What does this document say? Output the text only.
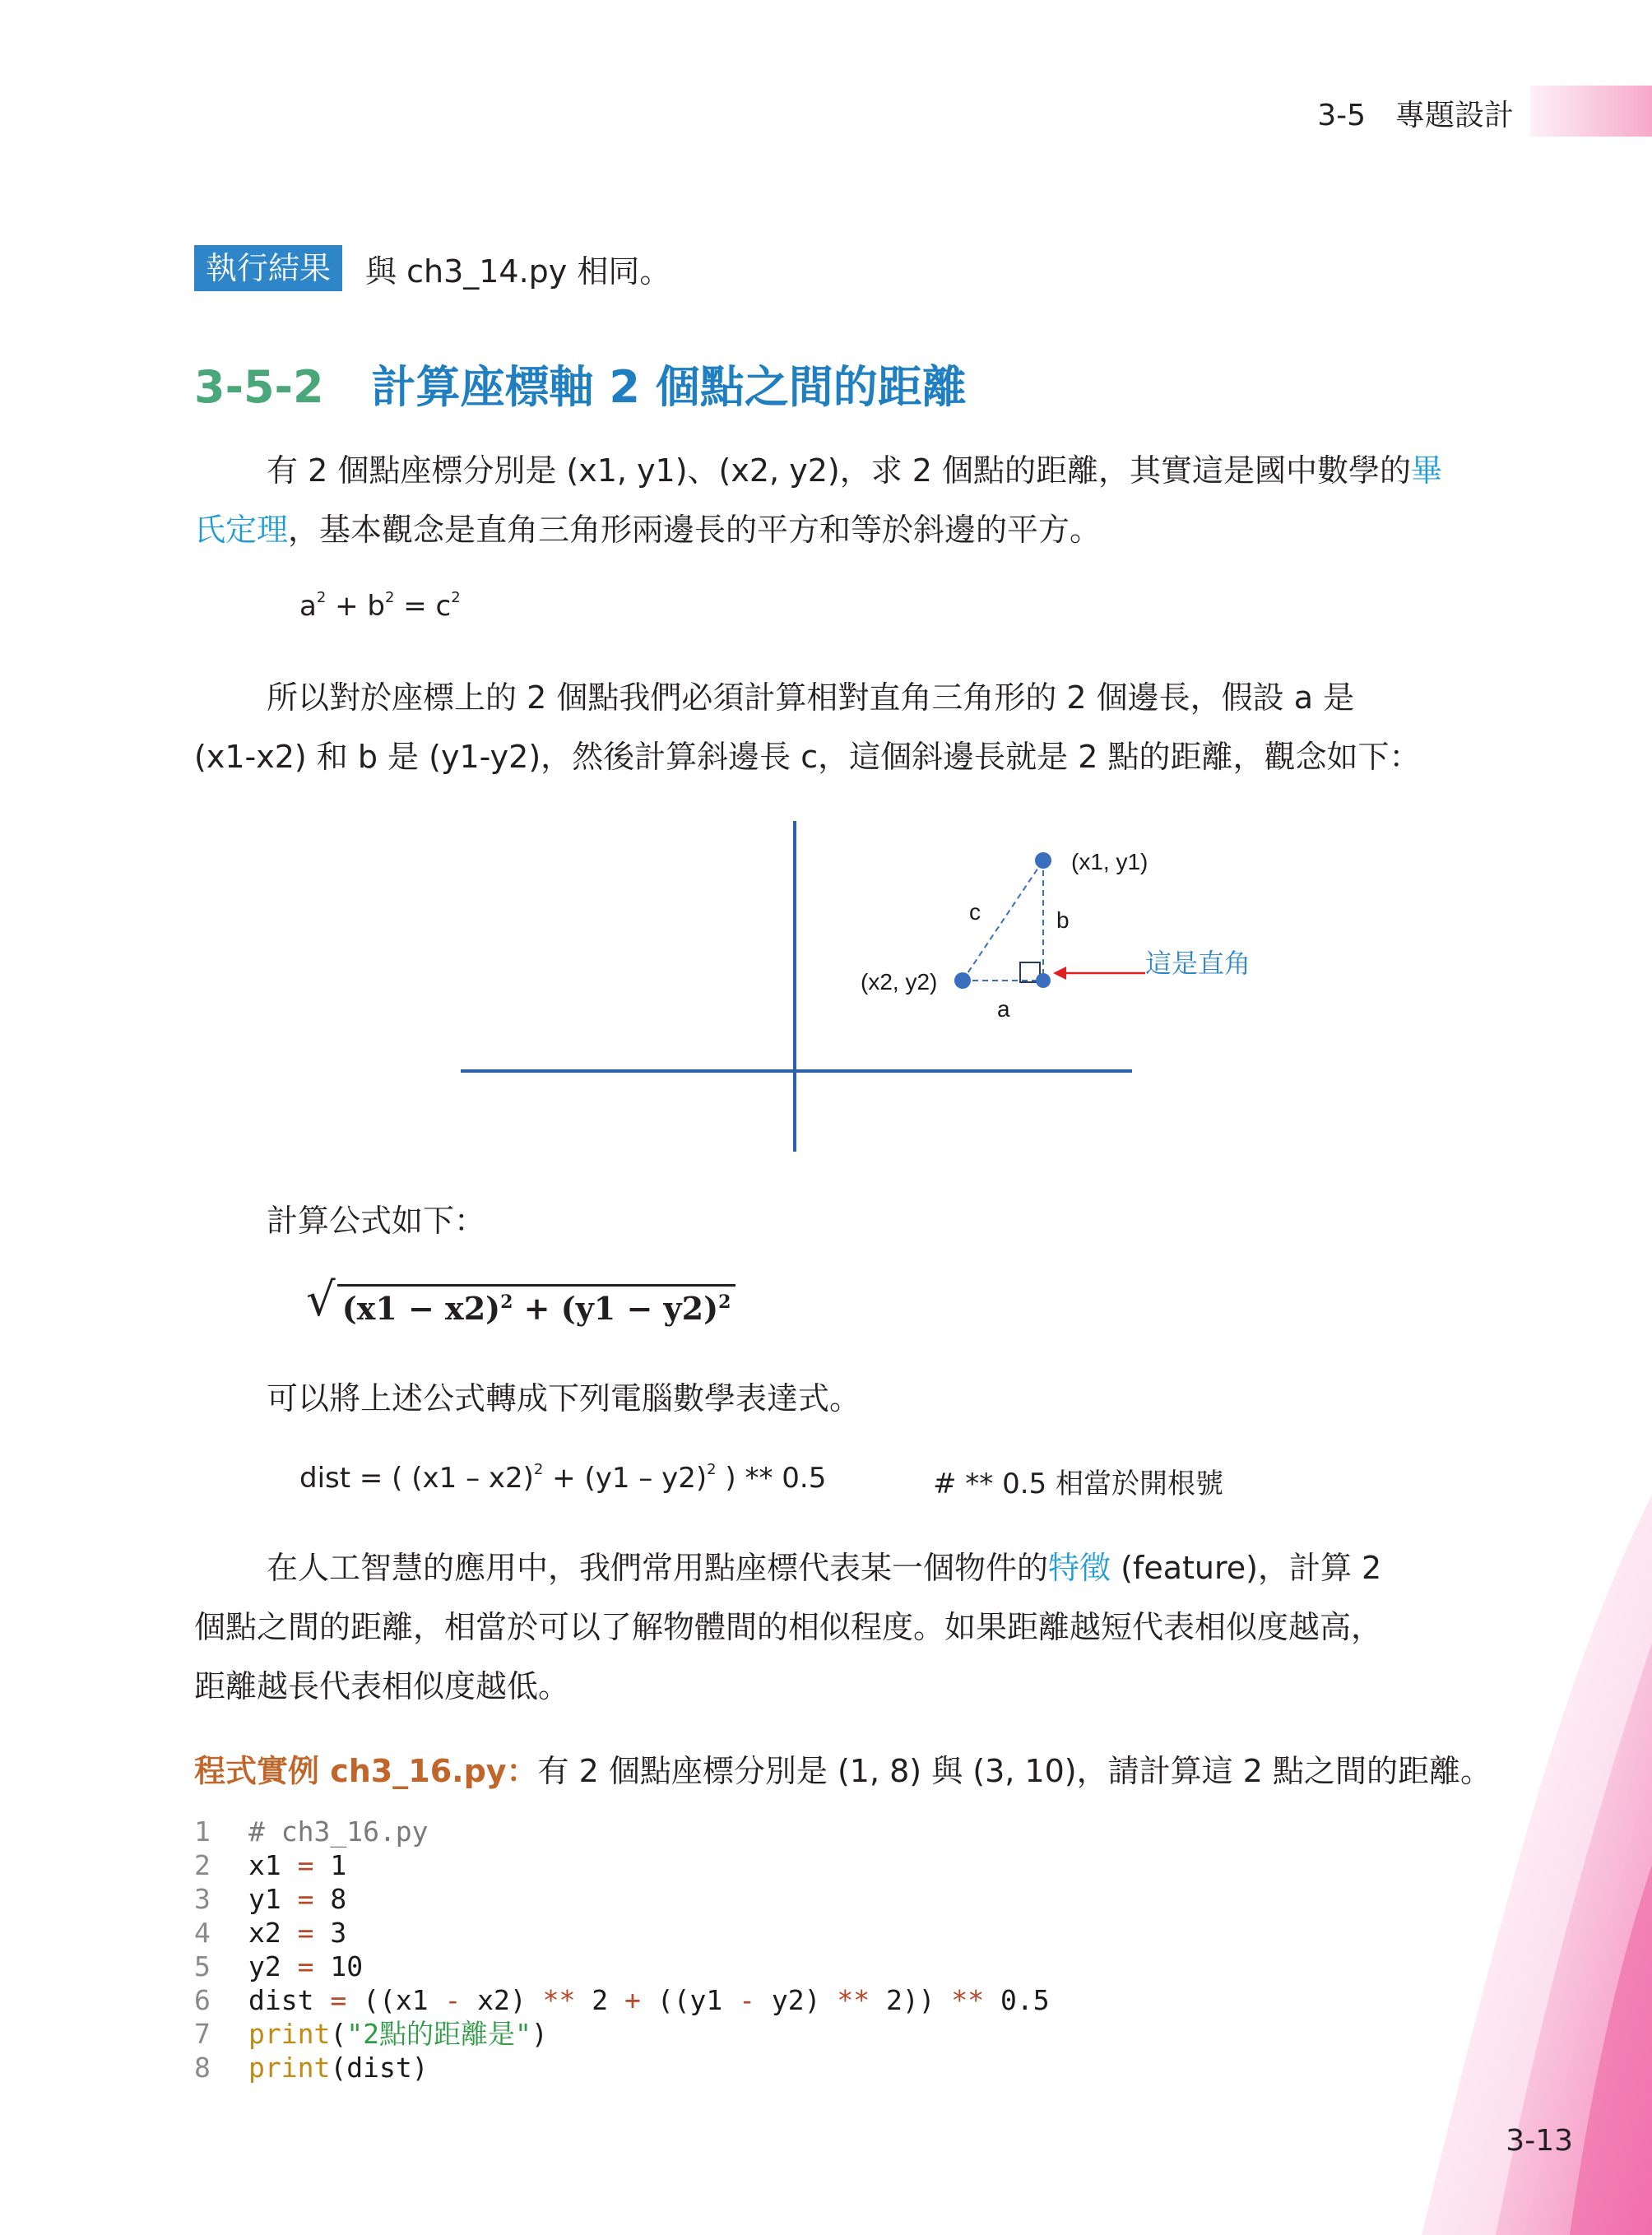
3-5　專題設計
執行結果	與 ch3_14.py 相同。
3-5-2 計算座標軸 2 個點之間的距離

有 2 個點座標分別是 (x1, y1)、(x2, y2)，求 2 個點的距離，其實這是國中數學的畢

氏定理，基本觀念是直角三角形兩邊長的平方和等於斜邊的平方。

$a^2 + b^2 = c^2$

所以對於座標上的 2 個點我們必須計算相對直角三角形的 2 個邊長，假設 a 是

(x1-x2) 和 b 是 (y1-y2)，然後計算斜邊長 c，這個斜邊長就是 2 點的距離，觀念如下：

(x1, y1)
(x2, y2)
c	b
a
這是直角

計算公式如下：

√ $(x1 - x2)^2 + (y1 - y2)^2$

可以將上述公式轉成下列電腦數學表達式。

dist = ( (x1 – x2)$^2$ + (y1 – y2)$^2$ ) ** 0.5	# ** 0.5 相當於開根號

在人工智慧的應用中，我們常用點座標代表某一個物件的特徵 (feature)，計算 2

個點之間的距離，相當於可以了解物體間的相似程度。如果距離越短代表相似度越高，

距離越長代表相似度越低。

程式實例 ch3_16.py：有 2 個點座標分別是 (1, 8) 與 (3, 10)，請計算這 2 點之間的距離。
1	# ch3_16.py
2	x1 = 1
3	y1 = 8
4	x2 = 3
5	y2 = 10
6	dist = ((x1 - x2) ** 2 + ((y1 - y2) ** 2)) ** 0.5
7	print ( "2點的距離是" )
8	print (dist)
3-13
